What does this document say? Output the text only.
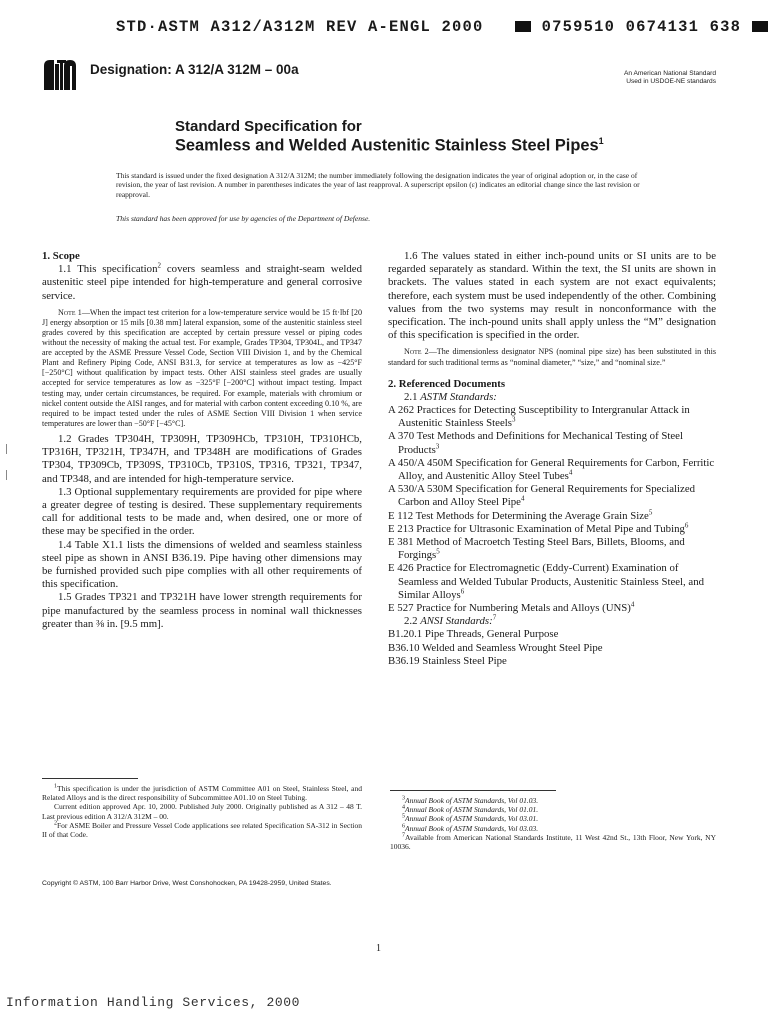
STD·ASTM A312/A312M REV A-ENGL 2000	0759510 0674131 638
Designation: A 312/A 312M – 00a	An American National Standard
Used in USDOE-NE standards
Standard Specification for
Seamless and Welded Austenitic Stainless Steel Pipes$^1$
This standard is issued under the fixed designation A 312/A 312M; the number immediately following the designation indicates the year of original adoption or, in the case of revision, the year of last revision. A number in parentheses indicates the year of last reapproval. A superscript epsilon (ε) indicates an editorial change since the last revision or reapproval.
This standard has been approved for use by agencies of the Department of Defense.

1. Scope

1.1 This specification$^2$ covers seamless and straight-seam welded austenitic steel pipe intended for high-temperature and general corrosive service.

Note 1—When the impact test criterion for a low-temperature service would be 15 ft·lbf [20 J] energy absorption or 15 mils [0.38 mm] lateral expansion, some of the austenitic stainless steel grades covered by this specification are accepted by certain pressure vessel or piping codes without the necessity of making the actual test. For example, Grades TP304, TP304L, and TP347 are accepted by the ASME Pressure Vessel Code, Section VIII Division 1, and by the Chemical Plant and Refinery Piping Code, ANSI B31.3, for service at temperatures as low as −425°F [−250°C] without qualification by impact tests. Other AISI stainless steel grades are usually accepted for service temperatures as low as −325°F [−200°C] without impact testing. Impact testing may, under certain circumstances, be required. For example, materials with chromium or nickel content outside the AISI ranges, and for material with carbon content exceeding 0.10 %, are required to be impact tested under the rules of ASME Section VIII Division 1 when service temperatures are lower than −50°F [−45°C].

1.2 Grades TP304H, TP309H, TP309HCb, TP310H, TP310HCb, TP316H, TP321H, TP347H, and TP348H are modifications of Grades TP304, TP309Cb, TP309S, TP310Cb, TP310S, TP316, TP321, TP347, and TP348, and are intended for high-temperature service.

1.3 Optional supplementary requirements are provided for pipe where a greater degree of testing is desired. These supplementary requirements call for additional tests to be made and, when desired, one or more of these may be specified in the order.

1.4 Table X1.1 lists the dimensions of welded and seamless stainless steel pipe as shown in ANSI B36.19. Pipe having other dimensions may be furnished provided such pipe complies with all other requirements of this specification.

1.5 Grades TP321 and TP321H have lower strength requirements for pipe manufactured by the seamless process in nominal wall thicknesses greater than ⅜ in. [9.5 mm].

1.6 The values stated in either inch-pound units or SI units are to be regarded separately as standard. Within the text, the SI units are shown in brackets. The values stated in each system are not exact equivalents; therefore, each system must be used independently of the other. Combining values from the two systems may result in nonconformance with the specification. The inch-pound units shall apply unless the “M” designation of this specification is specified in the order.

Note 2—The dimensionless designator NPS (nominal pipe size) has been substituted in this standard for such traditional terms as “nominal diameter,” “size,” and “nominal size.”

2. Referenced Documents

2.1 ASTM Standards:

A 262 Practices for Detecting Susceptibility to Intergranular Attack in Austenitic Stainless Steels$^3$

A 370 Test Methods and Definitions for Mechanical Testing of Steel Products$^3$

A 450/A 450M Specification for General Requirements for Carbon, Ferritic Alloy, and Austenitic Alloy Steel Tubes$^4$

A 530/A 530M Specification for General Requirements for Specialized Carbon and Alloy Steel Pipe$^4$

E 112 Test Methods for Determining the Average Grain Size$^5$

E 213 Practice for Ultrasonic Examination of Metal Pipe and Tubing$^6$

E 381 Method of Macroetch Testing Steel Bars, Billets, Blooms, and Forgings$^5$

E 426 Practice for Electromagnetic (Eddy-Current) Examination of Seamless and Welded Tubular Products, Austenitic Stainless Steel, and Similar Alloys$^6$

E 527 Practice for Numbering Metals and Alloys (UNS)$^4$

2.2 ANSI Standards:$^7$

B1.20.1 Pipe Threads, General Purpose

B36.10 Welded and Seamless Wrought Steel Pipe

B36.19 Stainless Steel Pipe

$^1$This specification is under the jurisdiction of ASTM Committee A01 on Steel, Stainless Steel, and Related Alloys and is the direct responsibility of Subcommittee A01.10 on Steel Tubing.

Current edition approved Apr. 10, 2000. Published July 2000. Originally published as A 312 – 48 T. Last previous edition A 312/A 312M – 00.

$^2$For ASME Boiler and Pressure Vessel Code applications see related Specification SA-312 in Section II of that Code.

$^3$Annual Book of ASTM Standards, Vol 01.03.

$^4$Annual Book of ASTM Standards, Vol 01.01.

$^5$Annual Book of ASTM Standards, Vol 03.01.

$^6$Annual Book of ASTM Standards, Vol 03.03.

$^7$Available from American National Standards Institute, 11 West 42nd St., 13th Floor, New York, NY 10036.

Copyright © ASTM, 100 Barr Harbor Drive, West Conshohocken, PA 19428-2959, United States.
1
Information Handling Services, 2000
